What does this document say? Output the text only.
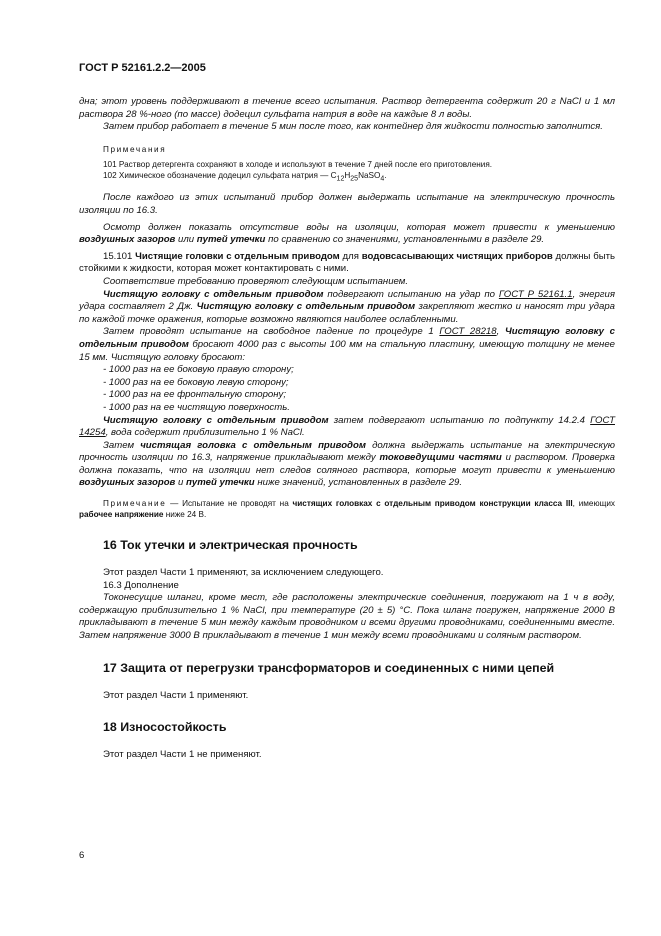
ГОСТ Р 52161.2.2—2005

дна; этот уровень поддерживают в течение всего испытания. Раствор детергента содержит 20 г NaCl и 1 мл раствора 28 %-ного (по массе) додецил сульфата натрия в воде на каждые 8 л воды.

Затем прибор работает в течение 5 мин после того, как контейнер для жидкости полностью заполнится.

Примечания
101 Раствор детергента сохраняют в холоде и используют в течение 7 дней после его приготовления.
102 Химическое обозначение додецил сульфата натрия — $C_{12}H_{25}NaSO_4$.

После каждого из этих испытаний прибор должен выдержать испытание на электрическую прочность изоляции по 16.3.

Осмотр должен показать отсутствие воды на изоляции, которая может привести к уменьшению воздушных зазоров или путей утечки по сравнению со значениями, установленными в разделе 29.

15.101 Чистящие головки с отдельным приводом для водовсасывающих чистящих приборов должны быть стойкими к жидкости, которая может контактировать с ними.

Соответствие требованию проверяют следующим испытанием.

Чистящую головку с отдельным приводом подвергают испытанию на удар по ГОСТ Р 52161.1, энергия удара составляет 2 Дж. Чистящую головку с отдельным приводом закрепляют жестко и наносят три удара по каждой точке оражения, которые возможно являются наиболее ослабленными.

Затем проводят испытание на свободное падение по процедуре 1 ГОСТ 28218, Чистящую головку с отдельным приводом бросают 4000 раз с высоты 100 мм на стальную пластину, имеющую толщину не менее 15 мм. Чистящую головку бросают:

- 1000 раз на ее боковую правую сторону;
- 1000 раз на ее боковую левую сторону;
- 1000 раз на ее фронтальную сторону;
- 1000 раз на ее чистящую поверхность.

Чистящую головку с отдельным приводом затем подвергают испытанию по подпункту 14.2.4 ГОСТ 14254, вода содержит приблизительно 1 % NaCl.

Затем чистящая головка с отдельным приводом должна выдержать испытание на электрическую прочность изоляции по 16.3, напряжение прикладывают между токоведущими частями и раствором. Проверка должна показать, что на изоляции нет следов соляного раствора, которые могут привести к уменьшению воздушных зазоров и путей утечки ниже значений, установленных в разделе 29.

Примечание — Испытание не проводят на чистящих головках с отдельным приводом конструкции класса III, имеющих рабочее напряжение ниже 24 В.

16 Ток утечки и электрическая прочность

Этот раздел Части 1 применяют, за исключением следующего.

16.3 Дополнение

Токонесущие шланги, кроме мест, где расположены электрические соединения, погружают на 1 ч в воду, содержащую приблизительно 1 % NaCl, при температуре (20 ± 5) °С. Пока шланг погружен, напряжение 2000 В прикладывают в течение 5 мин между каждым проводником и всеми другими проводниками, соединенными вместе. Затем напряжение 3000 В прикладывают в течение 1 мин между всеми проводниками и соляным раствором.

17 Защита от перегрузки трансформаторов и соединенных с ними цепей

Этот раздел Части 1 применяют.

18 Износостойкость

Этот раздел Части 1 не применяют.

6
